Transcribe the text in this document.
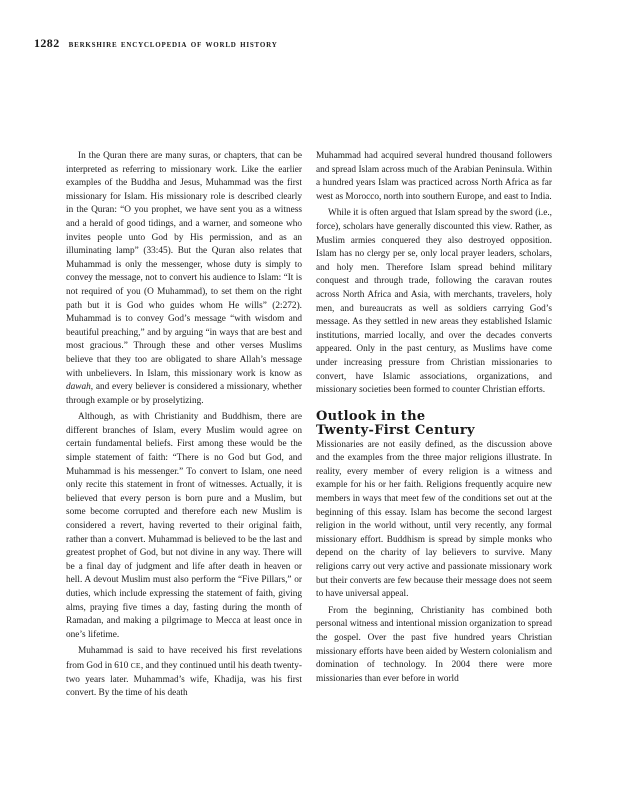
1282 berkshire encyclopedia of world history

In the Quran there are many suras, or chapters, that can be interpreted as referring to missionary work. Like the earlier examples of the Buddha and Jesus, Muhammad was the first missionary for Islam. His missionary role is described clearly in the Quran: “O you prophet, we have sent you as a witness and a herald of good tidings, and a warner, and someone who invites people unto God by His permission, and as an illuminating lamp” (33:45). But the Quran also relates that Muhammad is only the messenger, whose duty is simply to convey the message, not to convert his audience to Islam: “It is not required of you (O Muhammad), to set them on the right path but it is God who guides whom He wills” (2:272). Muhammad is to convey God’s message “with wisdom and beautiful preaching,” and by arguing “in ways that are best and most gracious.” Through these and other verses Muslims believe that they too are obligated to share Allah’s message with unbelievers. In Islam, this missionary work is know as dawah, and every believer is considered a missionary, whether through example or by proselytizing.

Although, as with Christianity and Buddhism, there are different branches of Islam, every Muslim would agree on certain fundamental beliefs. First among these would be the simple statement of faith: “There is no God but God, and Muhammad is his messenger.” To convert to Islam, one need only recite this statement in front of witnesses. Actually, it is believed that every person is born pure and a Muslim, but some become corrupted and therefore each new Muslim is considered a revert, having reverted to their original faith, rather than a convert. Muhammad is believed to be the last and greatest prophet of God, but not divine in any way. There will be a final day of judgment and life after death in heaven or hell. A devout Muslim must also perform the “Five Pillars,” or duties, which include expressing the statement of faith, giving alms, praying five times a day, fasting during the month of Ramadan, and making a pilgrimage to Mecca at least once in one’s lifetime.

Muhammad is said to have received his first revelations from God in 610 CE, and they continued until his death twenty-two years later. Muhammad’s wife, Khadija, was his first convert. By the time of his death

Muhammad had acquired several hundred thousand followers and spread Islam across much of the Arabian Peninsula. Within a hundred years Islam was practiced across North Africa as far west as Morocco, north into southern Europe, and east to India.

While it is often argued that Islam spread by the sword (i.e., force), scholars have generally discounted this view. Rather, as Muslim armies conquered they also destroyed opposition. Islam has no clergy per se, only local prayer leaders, scholars, and holy men. Therefore Islam spread behind military conquest and through trade, following the caravan routes across North Africa and Asia, with merchants, travelers, holy men, and bureaucrats as well as soldiers carrying God’s message. As they settled in new areas they established Islamic institutions, married locally, and over the decades converts appeared. Only in the past century, as Muslims have come under increasing pressure from Christian missionaries to convert, have Islamic associations, organizations, and missionary societies been formed to counter Christian efforts.

Outlook in the
Twenty-First Century

Missionaries are not easily defined, as the discussion above and the examples from the three major religions illustrate. In reality, every member of every religion is a witness and example for his or her faith. Religions frequently acquire new members in ways that meet few of the conditions set out at the beginning of this essay. Islam has become the second largest religion in the world without, until very recently, any formal missionary effort. Buddhism is spread by simple monks who depend on the charity of lay believers to survive. Many religions carry out very active and passionate missionary work but their converts are few because their message does not seem to have universal appeal.

From the beginning, Christianity has combined both personal witness and intentional mission organization to spread the gospel. Over the past five hundred years Christian missionary efforts have been aided by Western colonialism and domination of technology. In 2004 there were more missionaries than ever before in world
